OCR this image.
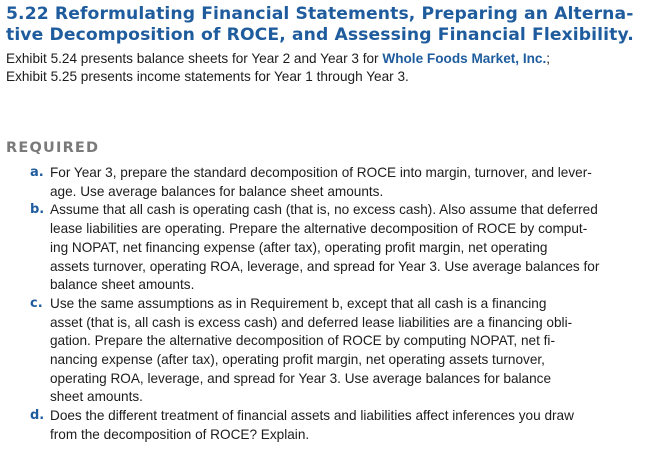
5.22 Reformulating Financial Statements, Preparing an Alterna-
tive Decomposition of ROCE, and Assessing Financial Flexibility.

Exhibit 5.24 presents balance sheets for Year 2 and Year 3 for Whole Foods Market, Inc.;
Exhibit 5.25 presents income statements for Year 1 through Year 3.

REQUIRED
a. For Year 3, prepare the standard decomposition of ROCE into margin, turnover, and lever-
age. Use average balances for balance sheet amounts.
b. Assume that all cash is operating cash (that is, no excess cash). Also assume that deferred
lease liabilities are operating. Prepare the alternative decomposition of ROCE by comput-
ing NOPAT, net financing expense (after tax), operating profit margin, net operating
assets turnover, operating ROA, leverage, and spread for Year 3. Use average balances for
balance sheet amounts.
c. Use the same assumptions as in Requirement b, except that all cash is a financing
asset (that is, all cash is excess cash) and deferred lease liabilities are a financing obli-
gation. Prepare the alternative decomposition of ROCE by computing NOPAT, net fi-
nancing expense (after tax), operating profit margin, net operating assets turnover,
operating ROA, leverage, and spread for Year 3. Use average balances for balance
sheet amounts.
d. Does the different treatment of financial assets and liabilities affect inferences you draw
from the decomposition of ROCE? Explain.
